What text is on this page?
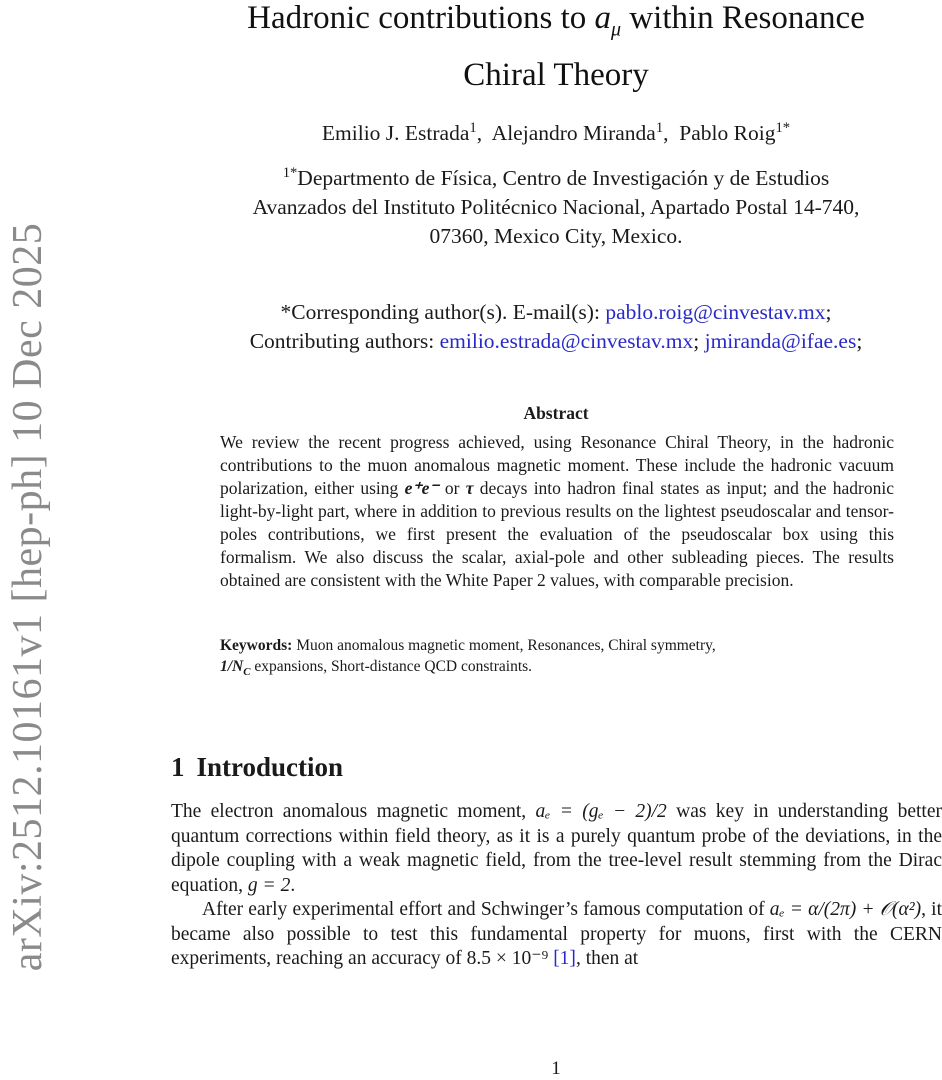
arXiv:2512.10161v1 [hep-ph] 10 Dec 2025
Hadronic contributions to $a_\mu$ within Resonance
Chiral Theory
Emilio J. Estrada$^1$,  Alejandro Miranda$^1$,  Pablo Roig$^{1*}$
$^{1*}$Departmento de Física, Centro de Investigación y de Estudios
Avanzados del Instituto Politécnico Nacional, Apartado Postal 14-740,
07360, Mexico City, Mexico.
*Corresponding author(s). E-mail(s): pablo.roig@cinvestav.mx;
Contributing authors: emilio.estrada@cinvestav.mx; jmiranda@ifae.es;
Abstract
We review the recent progress achieved, using Resonance Chiral Theory, in the hadronic contributions to the muon anomalous magnetic moment. These include the hadronic vacuum polarization, either using e⁺e⁻ or τ decays into hadron final states as input; and the hadronic light-by-light part, where in addition to previous results on the lightest pseudoscalar and tensor-poles contributions, we first present the evaluation of the pseudoscalar box using this formalism. We also discuss the scalar, axial-pole and other subleading pieces. The results obtained are consistent with the White Paper 2 values, with comparable precision.
Keywords: Muon anomalous magnetic moment, Resonances, Chiral symmetry,
$1/N_C$ expansions, Short-distance QCD constraints.
1 Introduction

The electron anomalous magnetic moment, aₑ = (gₑ − 2)/2 was key in understanding better quantum corrections within field theory, as it is a purely quantum probe of the deviations, in the dipole coupling with a weak magnetic field, from the tree-level result stemming from the Dirac equation, g = 2.

After early experimental effort and Schwinger’s famous computation of aₑ = α/(2π) + 𝒪(α²), it became also possible to test this fundamental property for muons, first with the CERN experiments, reaching an accuracy of 8.5 × 10⁻⁹ [1], then at

1
